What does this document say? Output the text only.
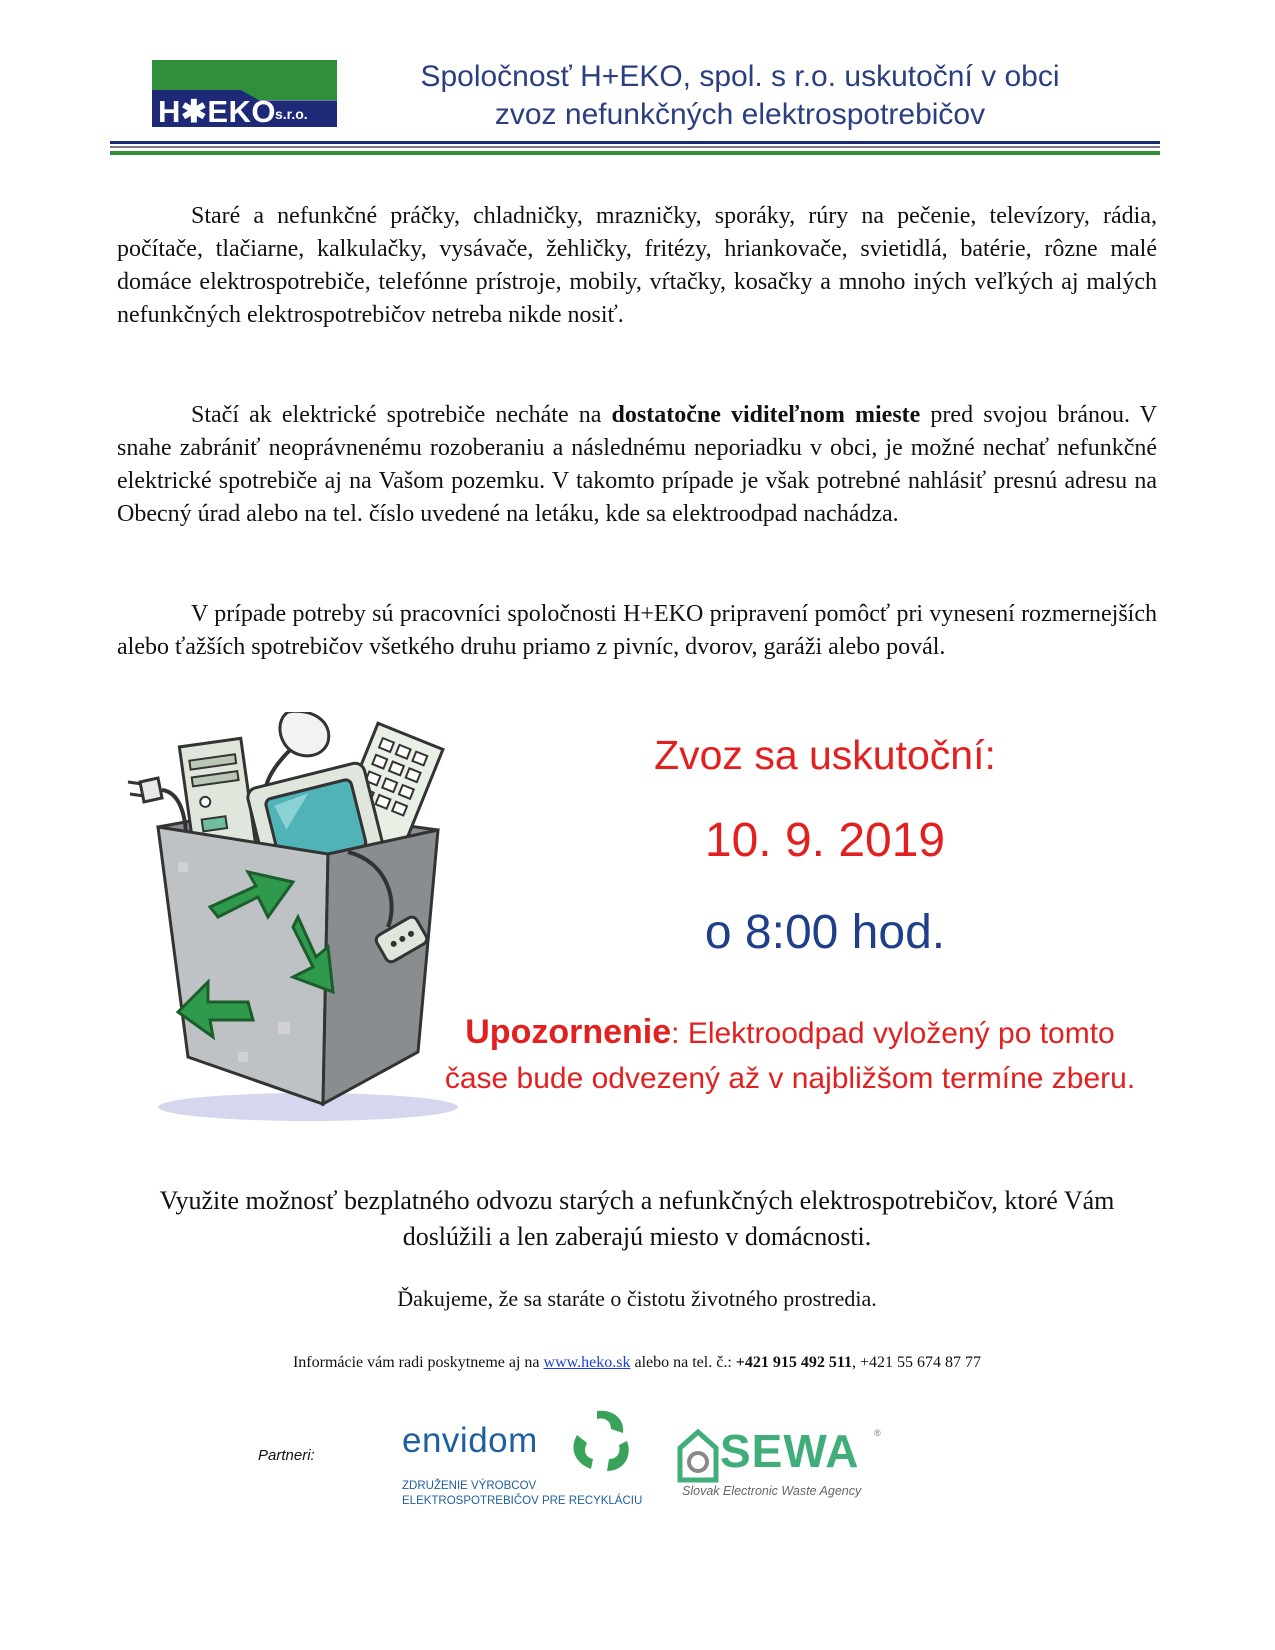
H✱EKO
s.r.o.
Spoločnosť H+EKO, spol. s r.o. uskutoční v obci
zvoz nefunkčných elektrospotrebičov

Staré a nefunkčné práčky, chladničky, mrazničky, sporáky, rúry na pečenie, televízory, rádia, počítače, tlačiarne, kalkulačky, vysávače, žehličky, fritézy, hriankovače, svietidlá, batérie, rôzne malé domáce elektrospotrebiče, telefónne prístroje, mobily, vŕtačky, kosačky a mnoho iných veľkých aj malých nefunkčných elektrospotrebičov netreba nikde nosiť.

Stačí ak elektrické spotrebiče necháte na dostatočne viditeľnom mieste pred svojou bránou. V snahe zabrániť neoprávnenému rozoberaniu a následnému neporiadku v obci, je možné nechať nefunkčné elektrické spotrebiče aj na Vašom pozemku. V takomto prípade je však potrebné nahlásiť presnú adresu na Obecný úrad alebo na tel. číslo uvedené na letáku, kde sa elektroodpad nachádza.

V prípade potreby sú pracovníci spoločnosti H+EKO pripravení pomôcť pri vynesení rozmernejších alebo ťažších spotrebičov všetkého druhu priamo z pivníc, dvorov, garáži alebo povál.

Zvoz sa uskutoční:
10. 9. 2019
o 8:00 hod.
Upozornenie: Elektroodpad vyložený po tomto čase bude odvezený až v najbližšom termíne zberu.

Využite možnosť bezplatného odvozu starých a nefunkčných elektrospotrebičov, ktoré Vám doslúžili a len zaberajú miesto v domácnosti.

Ďakujeme, že sa staráte o čistotu životného prostredia.
Informácie vám radi poskytneme aj na www.heko.sk alebo na tel. č.: +421 915 492 511, +421 55 674 87 77
Partneri: envidom
ZDRUŽENIE VÝROBCOV
ELEKTROSPOTREBIČOV PRE RECYKLÁCIU
SEWA ®
Slovak Electronic Waste Agency
